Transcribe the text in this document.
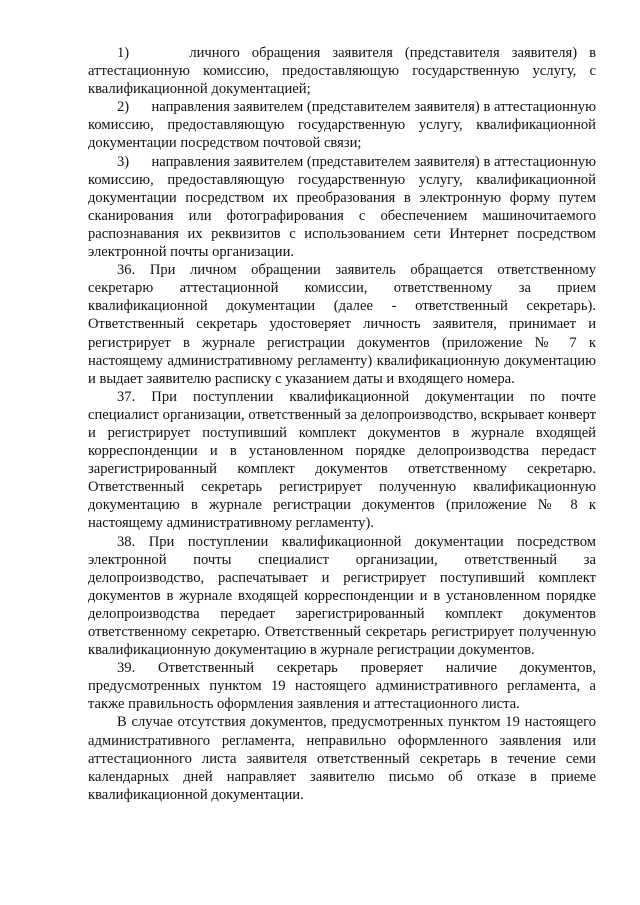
1)     личного обращения заявителя (представителя заявителя) в аттестационную комиссию, предоставляющую государственную услугу, с квалификационной документацией;

2)      направления заявителем (представителем заявителя) в аттестационную комиссию, предоставляющую государственную услугу, квалификационной документации посредством почтовой связи;

3)      направления заявителем (представителем заявителя) в аттестационную комиссию, предоставляющую государственную услугу, квалификационной документации посредством их преобразования в электронную форму путем сканирования или фотографирования с обеспечением машиночитаемого распознавания их реквизитов с использованием сети Интернет посредством электронной почты организации.

36. При личном обращении заявитель обращается ответственному секретарю аттестационной комиссии, ответственному за прием квалификационной документации (далее - ответственный секретарь). Ответственный секретарь удостоверяет личность заявителя, принимает и регистрирует в журнале регистрации документов (приложение № 7 к настоящему административному регламенту) квалификационную документацию и выдает заявителю расписку с указанием даты и входящего номера.

37. При поступлении квалификационной документации по почте специалист организации, ответственный за делопроизводство, вскрывает конверт и регистрирует поступивший комплект документов в журнале входящей корреспонденции и в установленном порядке делопроизводства передаст зарегистрированный комплект документов ответственному секретарю. Ответственный секретарь регистрирует полученную квалификационную документацию в журнале регистрации документов (приложение № 8 к настоящему административному регламенту).

38. При поступлении квалификационной документации посредством электронной почты специалист организации, ответственный за делопроизводство, распечатывает и регистрирует поступивший комплект документов в журнале входящей корреспонденции и в установленном порядке делопроизводства передает зарегистрированный комплект документов ответственному секретарю. Ответственный секретарь регистрирует полученную квалификационную документацию в журнале регистрации документов.

39. Ответственный секретарь проверяет наличие документов, предусмотренных пунктом 19 настоящего административного регламента, а также правильность оформления заявления и аттестационного листа.

В случае отсутствия документов, предусмотренных пунктом 19 настоящего административного регламента, неправильно оформленного заявления или аттестационного листа заявителя ответственный секретарь в течение семи календарных дней направляет заявителю письмо об отказе в приеме квалификационной документации.
